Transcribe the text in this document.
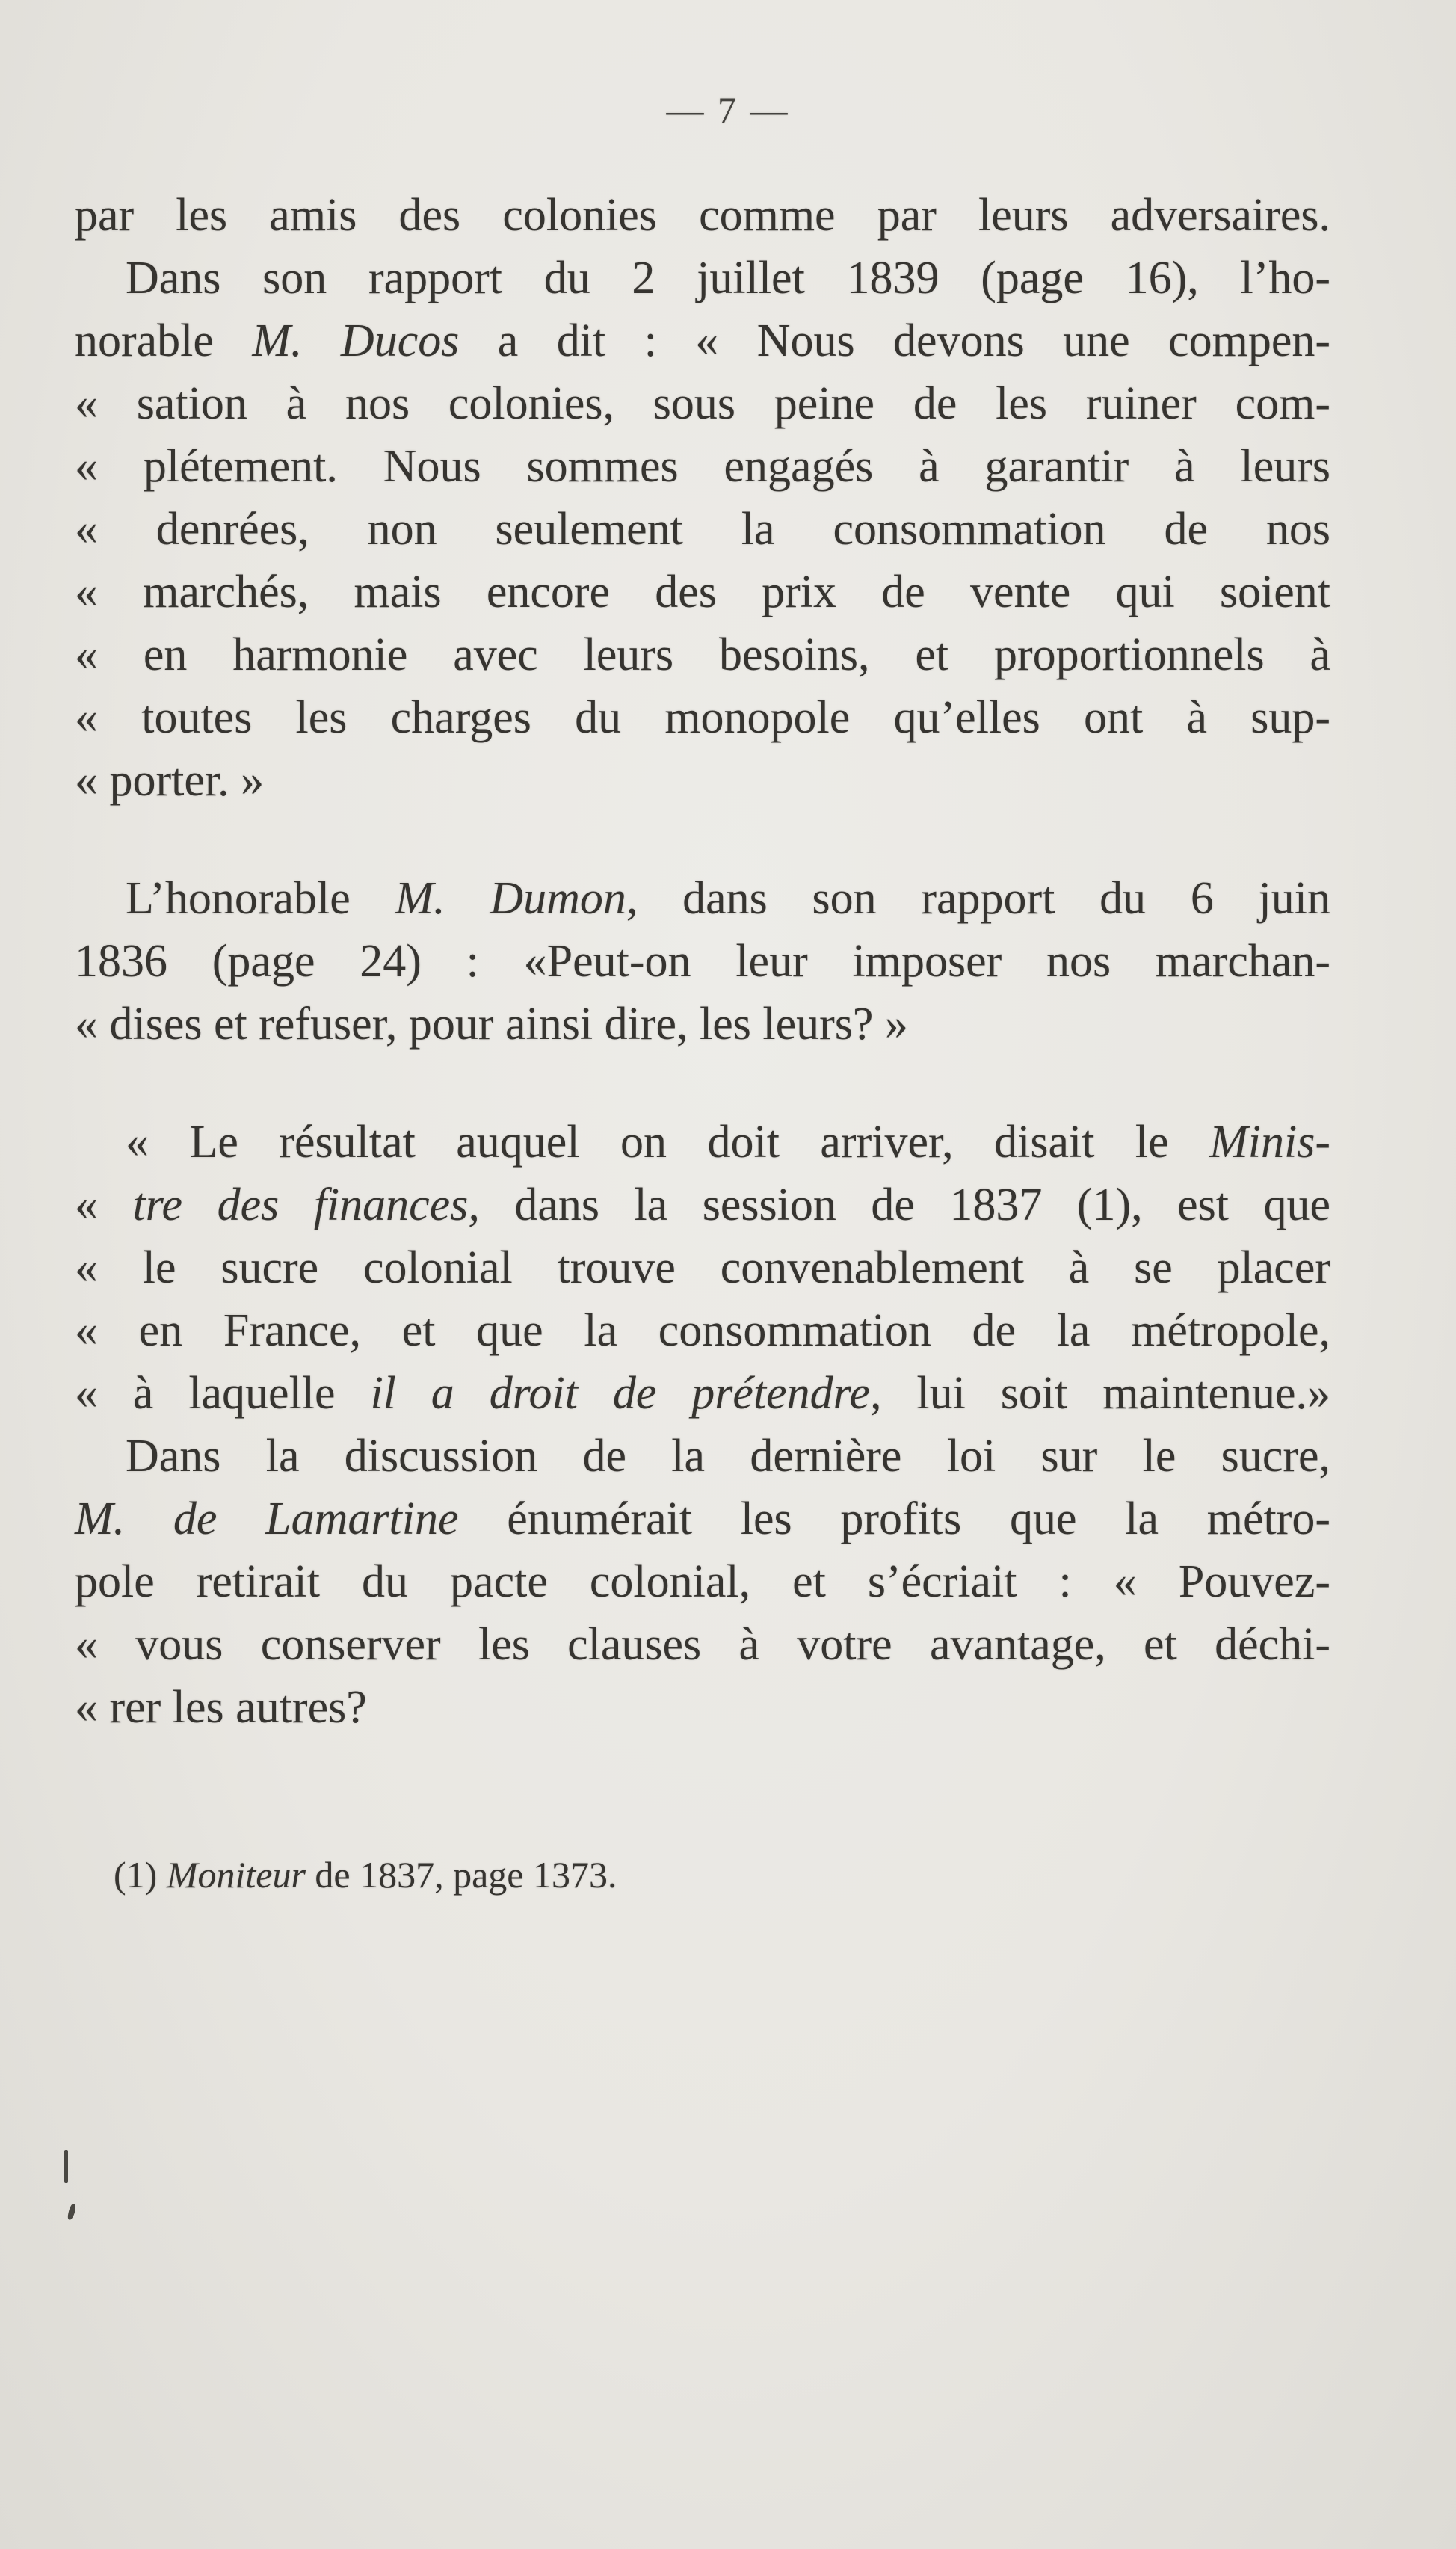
— 7 —
par les amis des colonies comme par leurs adversaires.
Dans son rapport du 2 juillet 1839 (page 16), l’ho-
norable M. Ducos a dit : « Nous devons une compen-
« sation à nos colonies, sous peine de les ruiner com-
« plétement. Nous sommes engagés à garantir à leurs
« denrées, non seulement la consommation de nos
« marchés, mais encore des prix de vente qui soient
« en harmonie avec leurs besoins, et proportionnels à
« toutes les charges du monopole qu’elles ont à sup-
« porter. »
L’honorable M. Dumon, dans son rapport du 6 juin
1836 (page 24) : «Peut-on leur imposer nos marchan-
« dises et refuser, pour ainsi dire, les leurs? »
« Le résultat auquel on doit arriver, disait le Minis-
« tre des finances, dans la session de 1837 (1), est que
« le sucre colonial trouve convenablement à se placer
« en France, et que la consommation de la métropole,
« à laquelle il a droit de prétendre, lui soit maintenue.»
Dans la discussion de la dernière loi sur le sucre,
M. de Lamartine énumérait les profits que la métro-
pole retirait du pacte colonial, et s’écriait : « Pouvez-
« vous conserver les clauses à votre avantage, et déchi-
« rer les autres?
(1) Moniteur de 1837, page 1373.
